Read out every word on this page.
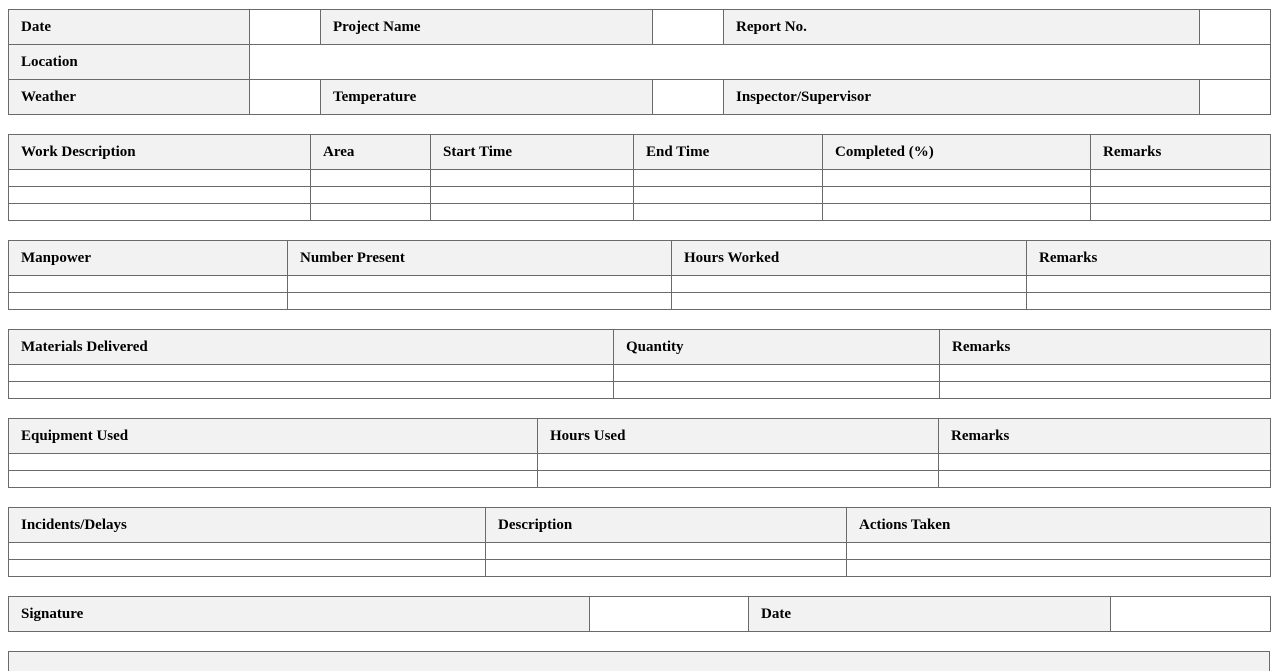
Date		Project Name		Report No.	
Location					
Weather		Temperature		Inspector/Supervisor	
Work Description	Area	Start Time	End Time	Completed (%)	Remarks

Manpower	Number Present	Hours Worked	Remarks

Materials Delivered	Quantity	Remarks

Equipment Used	Hours Used	Remarks

Incidents/Delays	Description	Actions Taken

Signature		Date	
